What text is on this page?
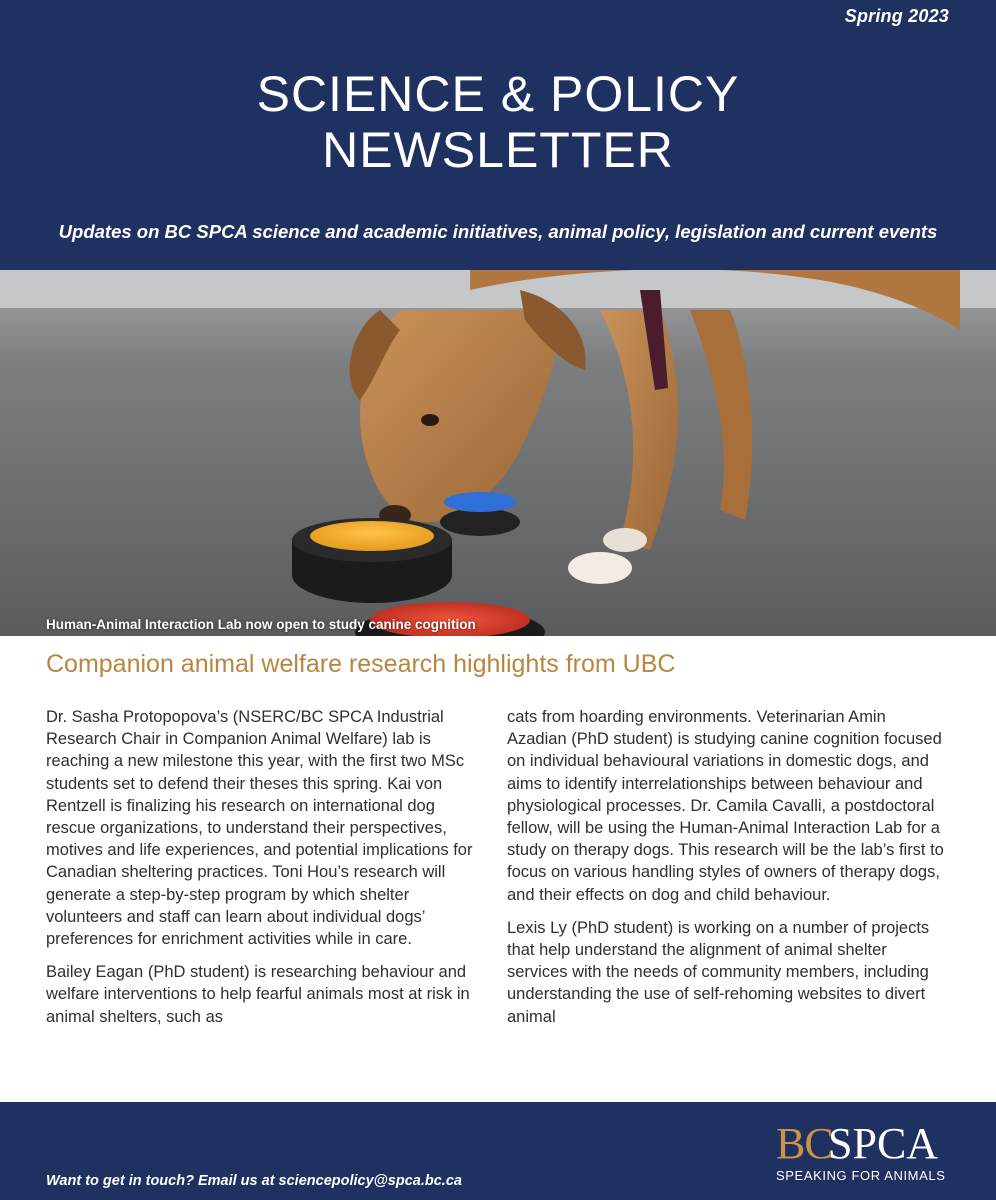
Spring 2023
SCIENCE & POLICY
NEWSLETTER
Updates on BC SPCA science and academic initiatives, animal policy, legislation and current events
Human-Animal Interaction Lab now open to study canine cognition
Companion animal welfare research highlights from UBC

Dr. Sasha Protopopova’s (NSERC/BC SPCA Industrial Research Chair in Companion Animal Welfare) lab is reaching a new milestone this year, with the first two MSc students set to defend their theses this spring. Kai von Rentzell is finalizing his research on international dog rescue organizations, to understand their perspectives, motives and life experiences, and potential implications for Canadian sheltering practices. Toni Hou’s research will generate a step-by-step program by which shelter volunteers and staff can learn about individual dogs’ preferences for enrichment activities while in care.

Bailey Eagan (PhD student) is researching behaviour and welfare interventions to help fearful animals most at risk in animal shelters, such as

cats from hoarding environments. Veterinarian Amin Azadian (PhD student) is studying canine cognition focused on individual behavioural variations in domestic dogs, and aims to identify interrelationships between behaviour and physiological processes. Dr. Camila Cavalli, a postdoctoral fellow, will be using the Human-Animal Interaction Lab for a study on therapy dogs. This research will be the lab’s first to focus on various handling styles of owners of therapy dogs, and their effects on dog and child behaviour.

Lexis Ly (PhD student) is working on a number of projects that help understand the alignment of animal shelter services with the needs of community members, including understanding the use of self-rehoming websites to divert animal

Want to get in touch? Email us at sciencepolicy@spca.bc.ca
BC
SPCA
SPEAKING FOR ANIMALS
